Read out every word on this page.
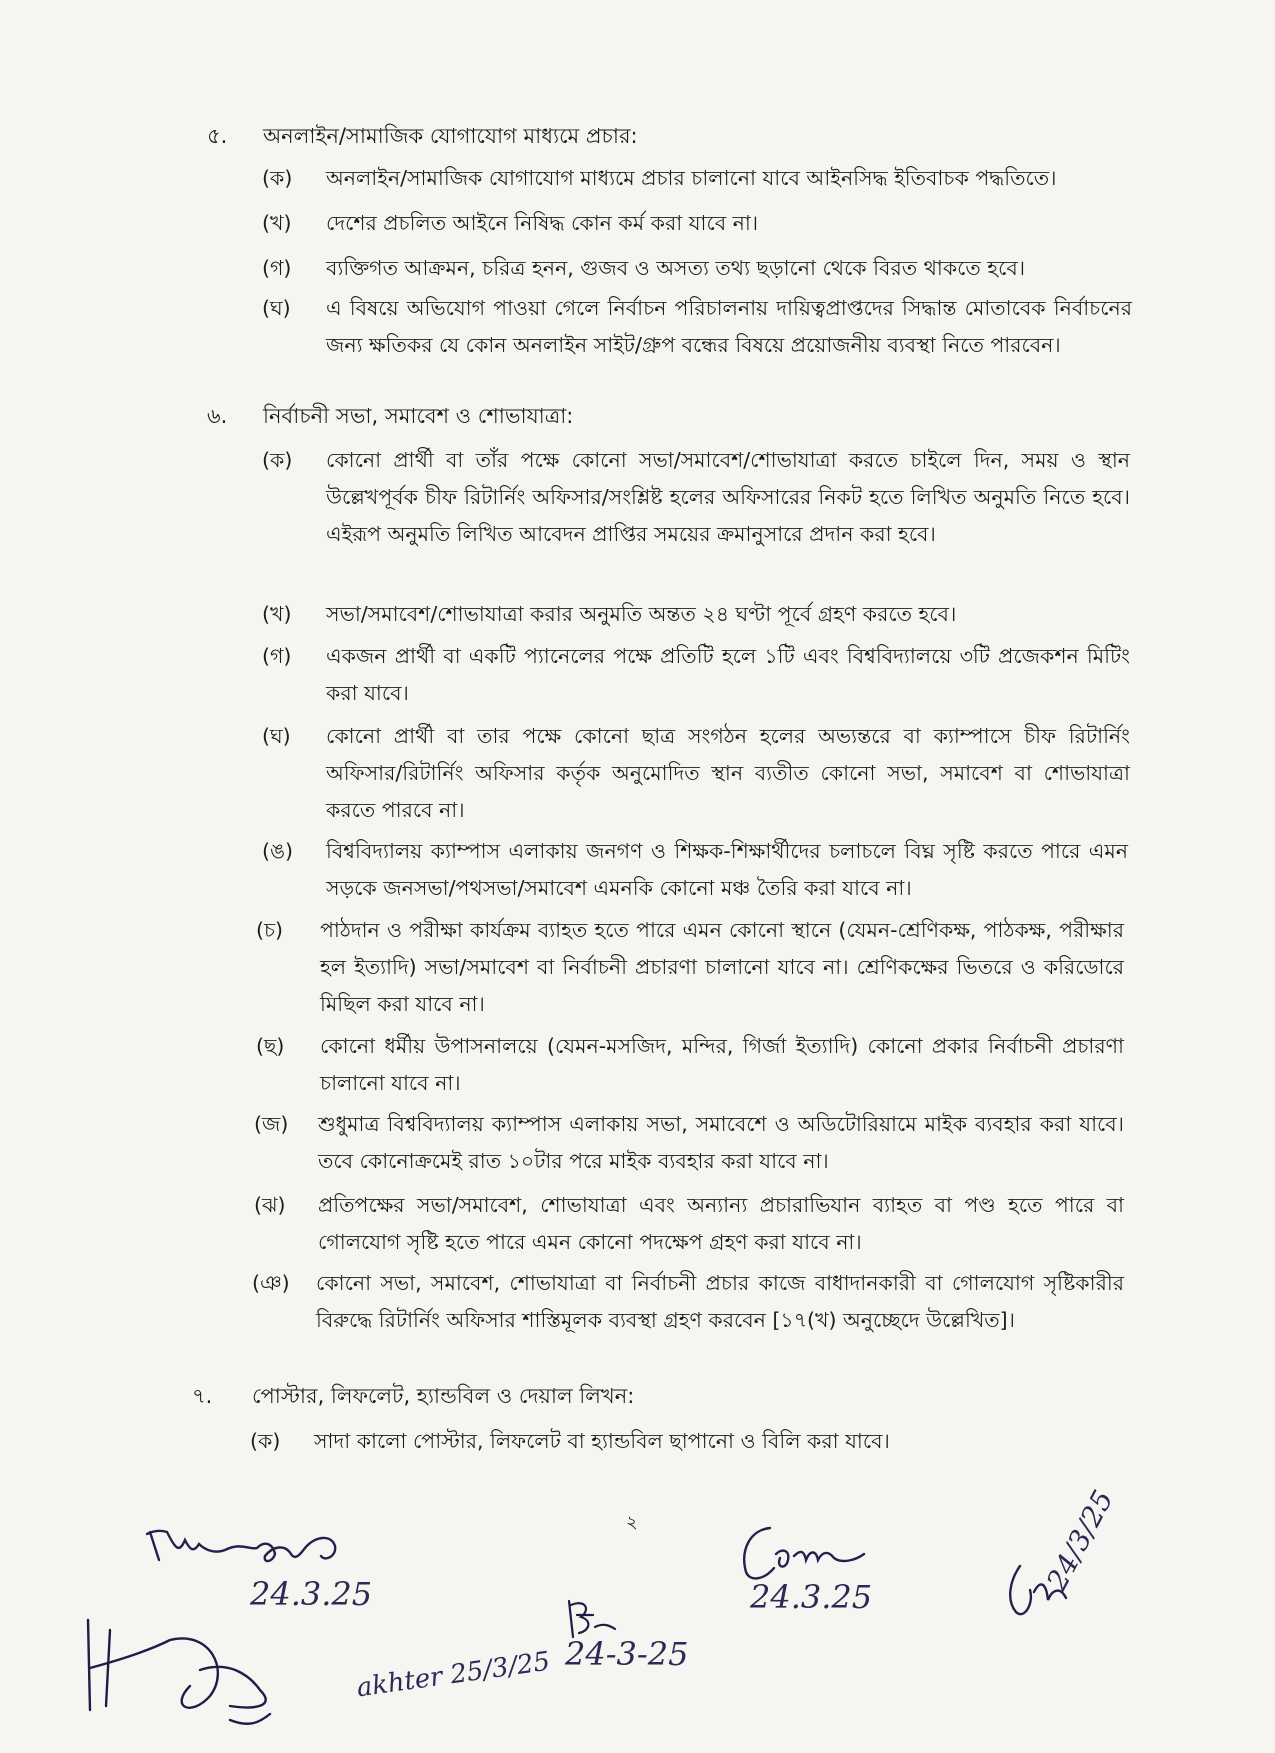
৫. অনলাইন/সামাজিক যোগাযোগ মাধ্যমে প্রচার:
(ক) অনলাইন/সামাজিক যোগাযোগ মাধ্যমে প্রচার চালানো যাবে আইনসিদ্ধ ইতিবাচক পদ্ধতিতে।
(খ) দেশের প্রচলিত আইনে নিষিদ্ধ কোন কর্ম করা যাবে না।
(গ) ব্যক্তিগত আক্রমন, চরিত্র হনন, গুজব ও অসত্য তথ্য ছড়ানো থেকে বিরত থাকতে হবে।
(ঘ) এ বিষয়ে অভিযোগ পাওয়া গেলে নির্বাচন পরিচালনায় দায়িত্বপ্রাপ্তদের সিদ্ধান্ত মোতাবেক নির্বাচনের জন্য ক্ষতিকর যে কোন অনলাইন সাইট/গ্রুপ বন্ধের বিষয়ে প্রয়োজনীয় ব্যবস্থা নিতে পারবেন।
৬. নির্বাচনী সভা, সমাবেশ ও শোভাযাত্রা:
(ক) কোনো প্রার্থী বা তাঁর পক্ষে কোনো সভা/সমাবেশ/শোভাযাত্রা করতে চাইলে দিন, সময় ও স্থান উল্লেখপূর্বক চীফ রিটার্নিং অফিসার/সংশ্লিষ্ট হলের অফিসারের নিকট হতে লিখিত অনুমতি নিতে হবে। এইরূপ অনুমতি লিখিত আবেদন প্রাপ্তির সময়ের ক্রমানুসারে প্রদান করা হবে।
(খ) সভা/সমাবেশ/শোভাযাত্রা করার অনুমতি অন্তত ২৪ ঘণ্টা পূর্বে গ্রহণ করতে হবে।
(গ) একজন প্রার্থী বা একটি প্যানেলের পক্ষে প্রতিটি হলে ১টি এবং বিশ্ববিদ্যালয়ে ৩টি প্রজেকশন মিটিং করা যাবে।
(ঘ) কোনো প্রার্থী বা তার পক্ষে কোনো ছাত্র সংগঠন হলের অভ্যন্তরে বা ক্যাম্পাসে চীফ রিটার্নিং অফিসার/রিটার্নিং অফিসার কর্তৃক অনুমোদিত স্থান ব্যতীত কোনো সভা, সমাবেশ বা শোভাযাত্রা করতে পারবে না।
(ঙ) বিশ্ববিদ্যালয় ক্যাম্পাস এলাকায় জনগণ ও শিক্ষক-শিক্ষার্থীদের চলাচলে বিঘ্ন সৃষ্টি করতে পারে এমন সড়কে জনসভা/পথসভা/সমাবেশ এমনকি কোনো মঞ্চ তৈরি করা যাবে না।
(চ) পাঠদান ও পরীক্ষা কার্যক্রম ব্যাহত হতে পারে এমন কোনো স্থানে (যেমন-শ্রেণিকক্ষ, পাঠকক্ষ, পরীক্ষার হল ইত্যাদি) সভা/সমাবেশ বা নির্বাচনী প্রচারণা চালানো যাবে না। শ্রেণিকক্ষের ভিতরে ও করিডোরে মিছিল করা যাবে না।
(ছ) কোনো ধর্মীয় উপাসনালয়ে (যেমন-মসজিদ, মন্দির, গির্জা ইত্যাদি) কোনো প্রকার নির্বাচনী প্রচারণা চালানো যাবে না।
(জ) শুধুমাত্র বিশ্ববিদ্যালয় ক্যাম্পাস এলাকায় সভা, সমাবেশে ও অডিটোরিয়ামে মাইক ব্যবহার করা যাবে। তবে কোনোক্রমেই রাত ১০টার পরে মাইক ব্যবহার করা যাবে না।
(ঝ) প্রতিপক্ষের সভা/সমাবেশ, শোভাযাত্রা এবং অন্যান্য প্রচারাভিযান ব্যাহত বা পণ্ড হতে পারে বা গোলযোগ সৃষ্টি হতে পারে এমন কোনো পদক্ষেপ গ্রহণ করা যাবে না।
(ঞ) কোনো সভা, সমাবেশ, শোভাযাত্রা বা নির্বাচনী প্রচার কাজে বাধাদানকারী বা গোলযোগ সৃষ্টিকারীর বিরুদ্ধে রিটার্নিং অফিসার শাস্তিমূলক ব্যবস্থা গ্রহণ করবেন [১৭(খ) অনুচ্ছেদে উল্লেখিত]।
৭. পোস্টার, লিফলেট, হ্যান্ডবিল ও দেয়াল লিখন:
(ক) সাদা কালো পোস্টার, লিফলেট বা হ্যান্ডবিল ছাপানো ও বিলি করা যাবে।
২
24.3.25	24.3.25
24/3/25
akhter 25/3/25 24-3-25
